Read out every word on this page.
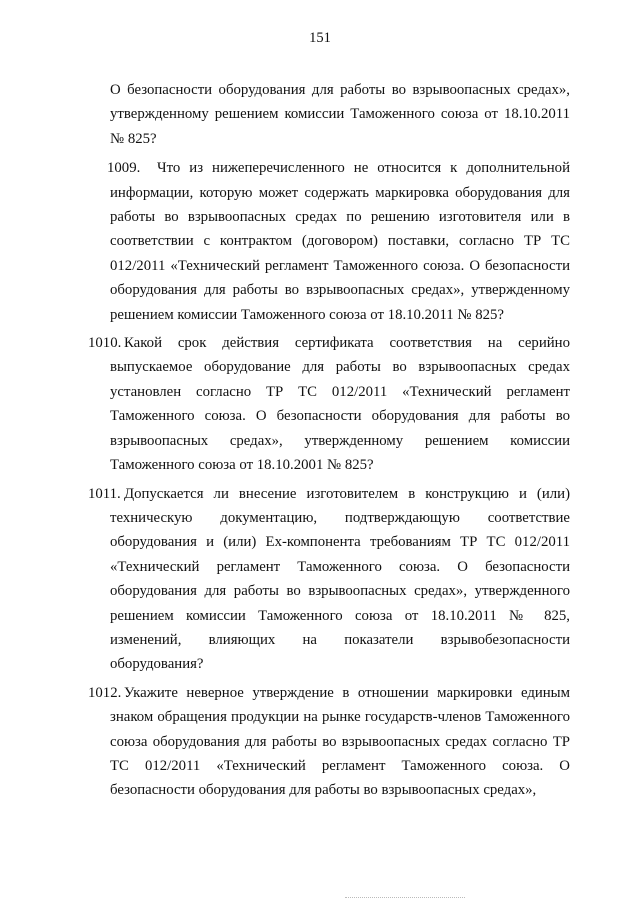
151

О безопасности оборудования для работы во взрывоопасных средах», утвержденному решением комиссии Таможенного союза от 18.10.2011 № 825?

1009.	Что из нижеперечисленного не относится к дополнительной информации, которую может содержать маркировка оборудования для работы во взрывоопасных средах по решению изготовителя или в соответствии с контрактом (договором) поставки, согласно ТР ТС 012/2011 «Технический регламент Таможенного союза. О безопасности оборудования для работы во взрывоопасных средах», утвержденному решением комиссии Таможенного союза от 18.10.2011 № 825?
1010. Какой срок действия сертификата соответствия на серийно выпускаемое оборудование для работы во взрывоопасных средах установлен согласно ТР ТС 012/2011 «Технический регламент Таможенного союза. О безопасности оборудования для работы во взрывоопасных средах», утвержденному решением комиссии Таможенного союза от 18.10.2001 № 825?
1011. Допускается ли внесение изготовителем в конструкцию и (или) техническую документацию, подтверждающую соответствие оборудования и (или) Ex-компонента требованиям ТР ТС 012/2011 «Технический регламент Таможенного союза. О безопасности оборудования для работы во взрывоопасных средах», утвержденного решением комиссии Таможенного союза от 18.10.2011 № 825, изменений, влияющих на показатели взрывобезопасности оборудования?
1012. Укажите неверное утверждение в отношении маркировки единым знаком обращения продукции на рынке государств-членов Таможенного союза оборудования для работы во взрывоопасных средах согласно ТР ТС 012/2011 «Технический регламент Таможенного союза. О безопасности оборудования для работы во взрывоопасных средах»,
